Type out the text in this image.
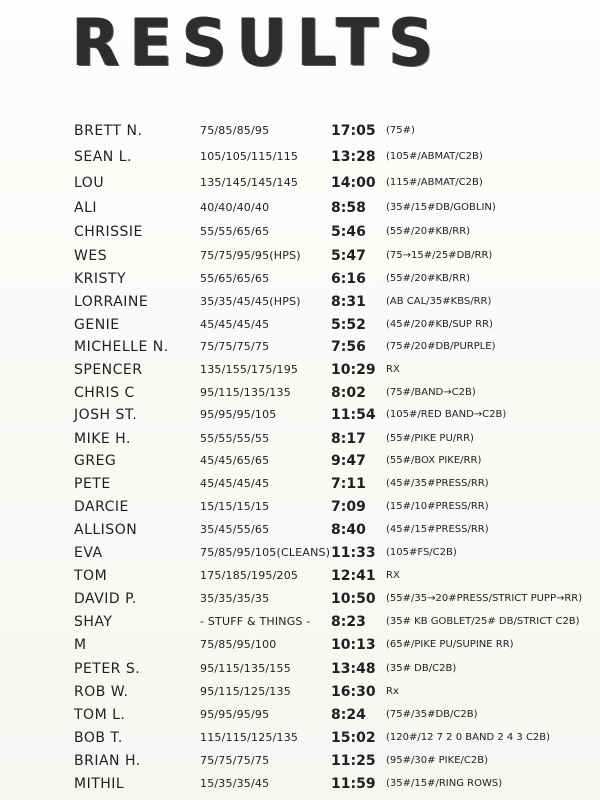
RESULTS
BRETT N.	75/85/85/95	17:05 (75#)
SEAN L.	105/105/115/115 13:28 (105#/ABMAT/C2B)
LOU	135/145/145/145 14:00 (115#/ABMAT/C2B)
ALI	40/40/40/40	8:58 (35#/15#DB/GOBLIN)
CHRISSIE	55/55/65/65	5:46 (55#/20#KB/RR)
WES	75/75/95/95(HPS) 5:47 (75→15#/25#DB/RR)
KRISTY	55/65/65/65	6:16 (55#/20#KB/RR)
LORRAINE	35/35/45/45(HPS) 8:31 (AB CAL/35#KBS/RR)
GENIE	45/45/45/45	5:52 (45#/20#KB/SUP RR)
MICHELLE N.	75/75/75/75	7:56 (75#/20#DB/PURPLE)
SPENCER	135/155/175/195 10:29 RX
CHRIS C	95/115/135/135	8:02 (75#/BAND→C2B)
JOSH ST.	95/95/95/105	11:54 (105#/RED BAND→C2B)
MIKE H.	55/55/55/55	8:17 (55#/PIKE PU/RR)
GREG	45/45/65/65	9:47 (55#/BOX PIKE/RR)
PETE	45/45/45/45	7:11 (45#/35#PRESS/RR)
DARCIE	15/15/15/15	7:09 (15#/10#PRESS/RR)
ALLISON	35/45/55/65	8:40 (45#/15#PRESS/RR)
EVA	75/85/95/105(CLEANS) 11:33 (105#FS/C2B)
TOM	175/185/195/205 12:41 RX
DAVID P.	35/35/35/35	10:50 (55#/35→20#PRESS/STRICT PUPP→RR)
SHAY	- STUFF & THINGS - 8:23 (35# KB GOBLET/25# DB/STRICT C2B)
M	75/85/95/100	10:13 (65#/PIKE PU/SUPINE RR)
PETER S.	95/115/135/155	13:48 (35# DB/C2B)
ROB W.	95/115/125/135	16:30 Rx
TOM L.	95/95/95/95	8:24 (75#/35#DB/C2B)
BOB T.	115/115/125/135 15:02 (120#/12 7 2 0 BAND 2 4 3 C2B)
BRIAN H.	75/75/75/75	11:25 (95#/30# PIKE/C2B)
MITHIL	15/35/35/45	11:59 (35#/15#/RING ROWS)
